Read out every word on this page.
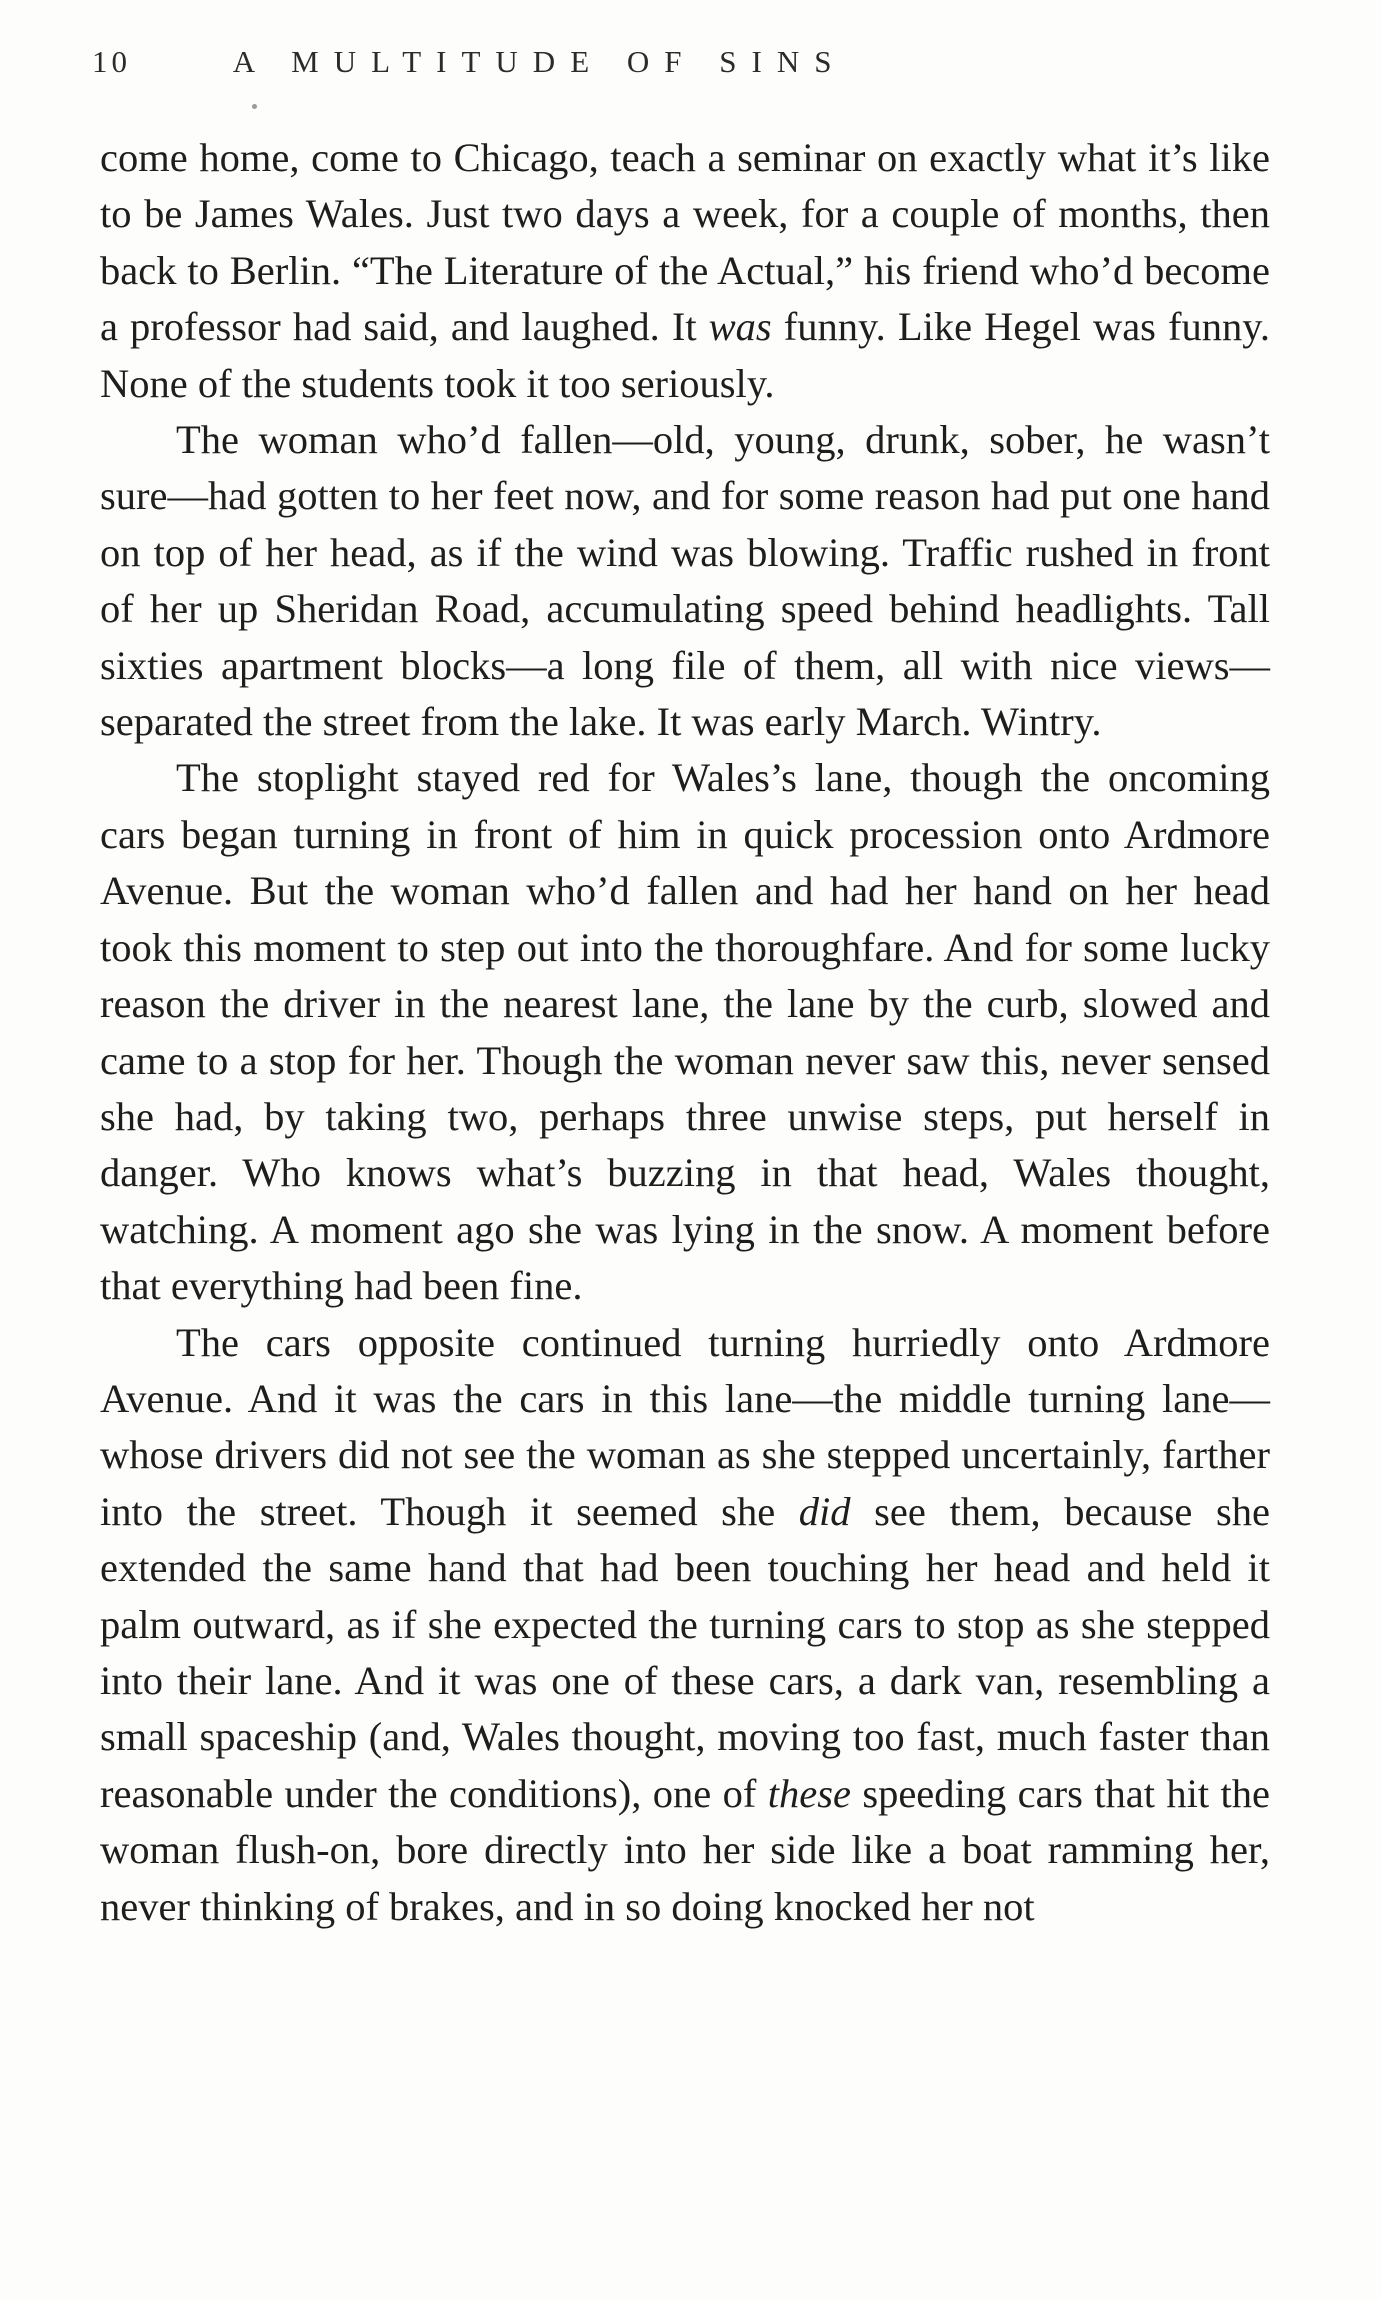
10	A MULTITUDE OF SINS

come home, come to Chicago, teach a seminar on exactly what it’s like to be James Wales. Just two days a week, for a couple of months, then back to Berlin. “The Literature of the Actual,” his friend who’d become a professor had said, and laughed. It was funny. Like Hegel was funny. None of the students took it too seriously.

The woman who’d fallen—old, young, drunk, sober, he wasn’t sure—had gotten to her feet now, and for some reason had put one hand on top of her head, as if the wind was blowing. Traffic rushed in front of her up Sheridan Road, accumulating speed behind headlights. Tall sixties apartment blocks—a long file of them, all with nice views—separated the street from the lake. It was early March. Wintry.

The stoplight stayed red for Wales’s lane, though the oncoming cars began turning in front of him in quick procession onto Ardmore Avenue. But the woman who’d fallen and had her hand on her head took this moment to step out into the thoroughfare. And for some lucky reason the driver in the nearest lane, the lane by the curb, slowed and came to a stop for her. Though the woman never saw this, never sensed she had, by taking two, perhaps three unwise steps, put herself in danger. Who knows what’s buzzing in that head, Wales thought, watching. A moment ago she was lying in the snow. A moment before that everything had been fine.

The cars opposite continued turning hurriedly onto Ardmore Avenue. And it was the cars in this lane—the middle turning lane—whose drivers did not see the woman as she stepped uncertainly, farther into the street. Though it seemed she did see them, because she extended the same hand that had been touching her head and held it palm outward, as if she expected the turning cars to stop as she stepped into their lane. And it was one of these cars, a dark van, resembling a small spaceship (and, Wales thought, moving too fast, much faster than reasonable under the conditions), one of these speeding cars that hit the woman flush-on, bore directly into her side like a boat ramming her, never thinking of brakes, and in so doing knocked her not
